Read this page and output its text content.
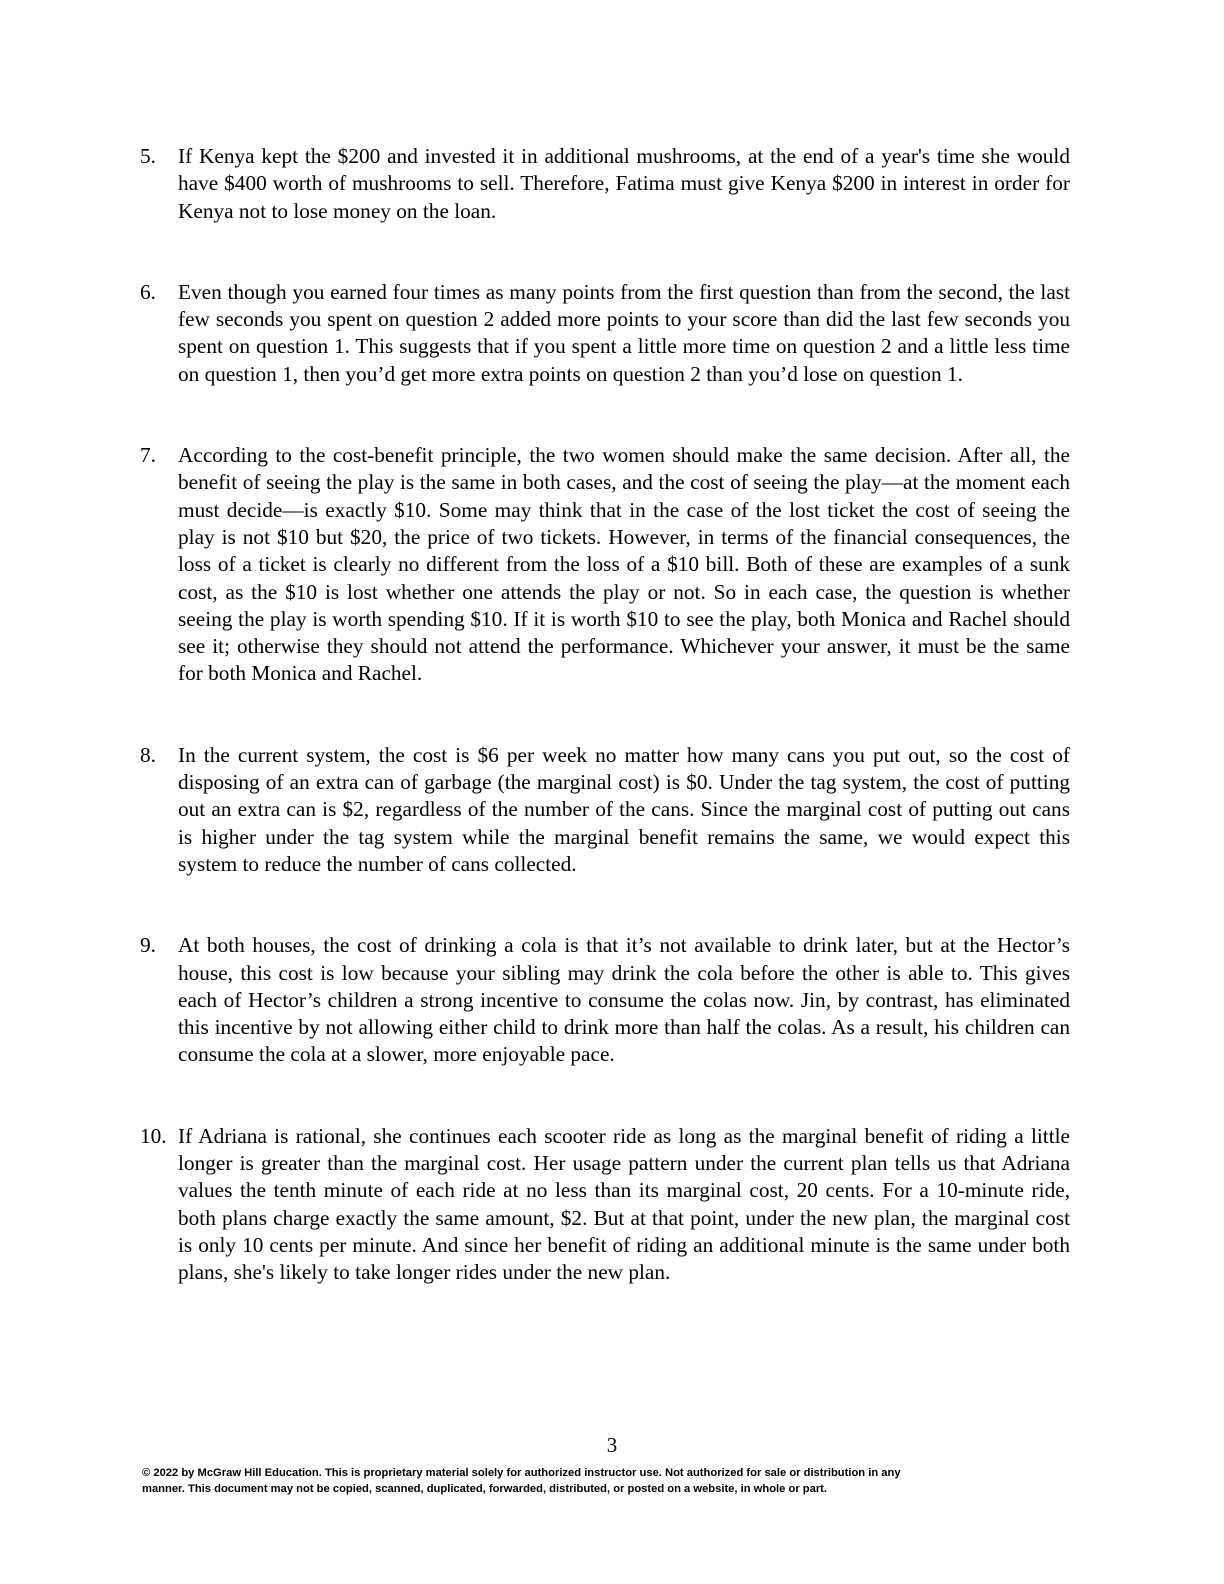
5.	If Kenya kept the $200 and invested it in additional mushrooms, at the end of a year's time she would have $400 worth of mushrooms to sell. Therefore, Fatima must give Kenya $200 in interest in order for Kenya not to lose money on the loan.
6.	Even though you earned four times as many points from the first question than from the second, the last few seconds you spent on question 2 added more points to your score than did the last few seconds you spent on question 1. This suggests that if you spent a little more time on question 2 and a little less time on question 1, then you’d get more extra points on question 2 than you’d lose on question 1.
7.	According to the cost-benefit principle, the two women should make the same decision. After all, the benefit of seeing the play is the same in both cases, and the cost of seeing the play—at the moment each must decide—is exactly $10. Some may think that in the case of the lost ticket the cost of seeing the play is not $10 but $20, the price of two tickets. However, in terms of the financial consequences, the loss of a ticket is clearly no different from the loss of a $10 bill. Both of these are examples of a sunk cost, as the $10 is lost whether one attends the play or not. So in each case, the question is whether seeing the play is worth spending $10. If it is worth $10 to see the play, both Monica and Rachel should see it; otherwise they should not attend the performance. Whichever your answer, it must be the same for both Monica and Rachel.
8.	In the current system, the cost is $6 per week no matter how many cans you put out, so the cost of disposing of an extra can of garbage (the marginal cost) is $0. Under the tag system, the cost of putting out an extra can is $2, regardless of the number of the cans. Since the marginal cost of putting out cans is higher under the tag system while the marginal benefit remains the same, we would expect this system to reduce the number of cans collected.
9.	At both houses, the cost of drinking a cola is that it’s not available to drink later, but at the Hector’s house, this cost is low because your sibling may drink the cola before the other is able to. This gives each of Hector’s children a strong incentive to consume the colas now. Jin, by contrast, has eliminated this incentive by not allowing either child to drink more than half the colas. As a result, his children can consume the cola at a slower, more enjoyable pace.
10. If Adriana is rational, she continues each scooter ride as long as the marginal benefit of riding a little longer is greater than the marginal cost. Her usage pattern under the current plan tells us that Adriana values the tenth minute of each ride at no less than its marginal cost, 20 cents. For a 10-minute ride, both plans charge exactly the same amount, $2. But at that point, under the new plan, the marginal cost is only 10 cents per minute. And since her benefit of riding an additional minute is the same under both plans, she's likely to take longer rides under the new plan.
3
© 2022 by McGraw Hill Education. This is proprietary material solely for authorized instructor use. Not authorized for sale or distribution in any
manner. This document may not be copied, scanned, duplicated, forwarded, distributed, or posted on a website, in whole or part.
